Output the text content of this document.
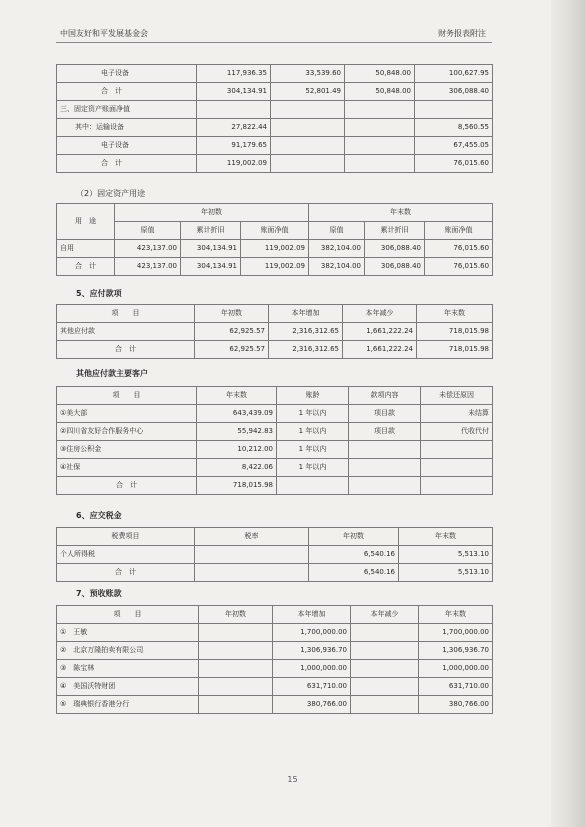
中国友好和平发展基金会	财务报表附注
电子设备	117,936.35	33,539.60	50,848.00	100,627.95
合　计	304,134.91	52,801.49	50,848.00	306,088.40
三、固定资产账面净值				
其中：运输设备	27,822.44			8,560.55
电子设备	91,179.65			67,455.05
合　计	119,002.09			76,015.60
（2）固定资产用途
用　途	年初数			年末数		
	原值	累计折旧	账面净值	原值	累计折旧	账面净值
自用	423,137.00	304,134.91	119,002.09	382,104.00	306,088.40	76,015.60
合　计	423,137.00	304,134.91	119,002.09	382,104.00	306,088.40	76,015.60
5、应付款项
项　　目	年初数	本年增加	本年减少	年末数
其他应付款	62,925.57	2,316,312.65	1,661,222.24	718,015.98
合　计	62,925.57	2,316,312.65	1,661,222.24	718,015.98
其他应付款主要客户
项　　目	年末数	账龄	款项内容	未偿还原因
①美大部	643,439.09	1 年以内	项目款	未结算
②四川省友好合作服务中心	55,942.83	1 年以内	项目款	代收代付
③住房公积金	10,212.00	1 年以内		
④社保	8,422.06	1 年以内		
合　计	718,015.98			
6、应交税金
税费项目	税率	年初数	年末数
个人所得税		6,540.16	5,513.10
合　计		6,540.16	5,513.10
7、预收账款
项　　目	年初数	本年增加	本年减少	年末数
①　王敏		1,700,000.00		1,700,000.00
②　北京万隆拍卖有限公司		1,306,936.70		1,306,936.70
③　陈宝林		1,000,000.00		1,000,000.00
④　美国沃特财团		631,710.00		631,710.00
⑤　瑞典银行香港分行		380,766.00		380,766.00
15
